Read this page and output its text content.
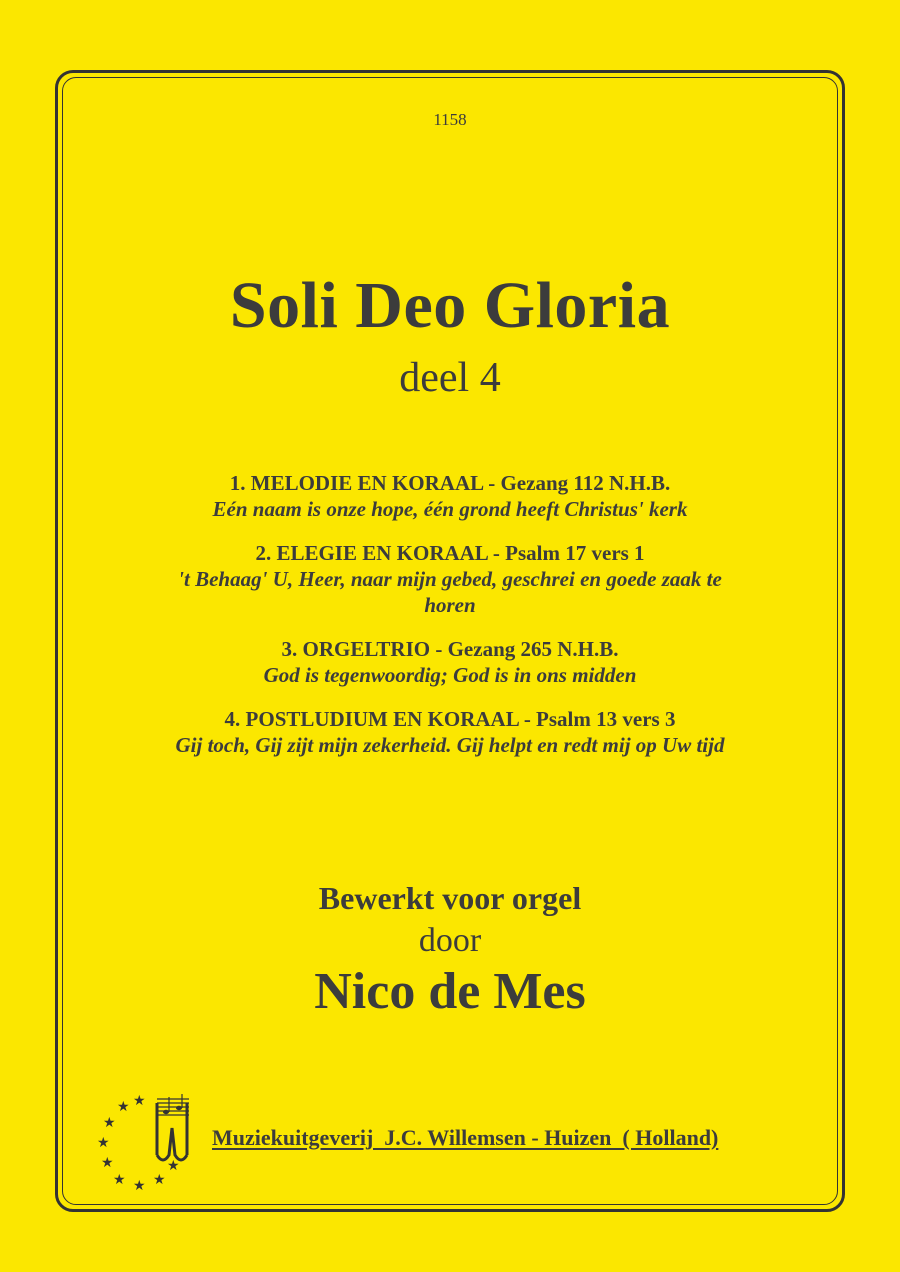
1158
Soli Deo Gloria
deel 4
1. MELODIE EN KORAAL - Gezang 112 N.H.B.
Eén naam is onze hope, één grond heeft Christus' kerk
2. ELEGIE EN KORAAL - Psalm 17 vers 1
't Behaag' U, Heer, naar mijn gebed, geschrei en goede zaak te horen
3. ORGELTRIO - Gezang 265 N.H.B.
God is tegenwoordig; God is in ons midden
4. POSTLUDIUM EN KORAAL - Psalm 13 vers 3
Gij toch, Gij zijt mijn zekerheid. Gij helpt en redt mij op Uw tijd
Bewerkt voor orgel
door
Nico de Mes
★
★
★
★
★ ★ ★
★
★
Muziekuitgeverij  J.C. Willemsen - Huizen  ( Holland)
